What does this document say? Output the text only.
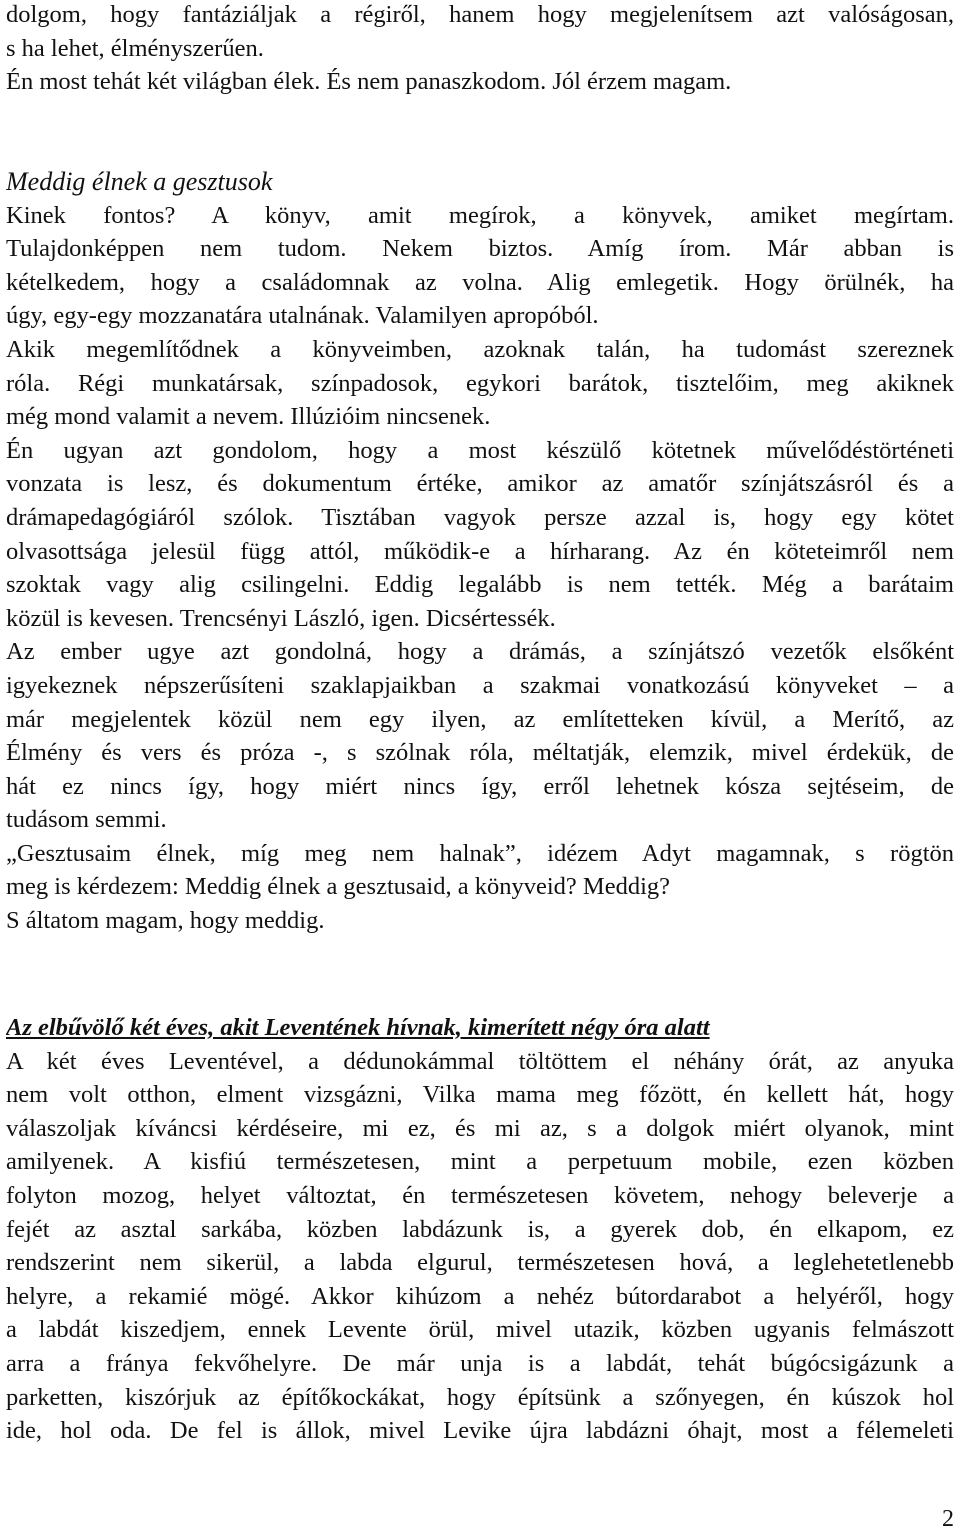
dolgom, hogy fantáziáljak a régiről, hanem hogy megjelenítsem azt valóságosan,
s ha lehet, élményszerűen.
Én most tehát két világban élek. És nem panaszkodom. Jól érzem magam.
Meddig élnek a gesztusok
Kinek fontos? A könyv, amit megírok, a könyvek, amiket megírtam.
Tulajdonképpen nem tudom. Nekem biztos. Amíg írom. Már abban is
kételkedem, hogy a családomnak az volna. Alig emlegetik. Hogy örülnék, ha
úgy, egy-egy mozzanatára utalnának. Valamilyen apropóból.
Akik megemlítődnek a könyveimben, azoknak talán, ha tudomást szereznek
róla. Régi munkatársak, színpadosok, egykori barátok, tisztelőim, meg akiknek
még mond valamit a nevem. Illúzióim nincsenek.
Én ugyan azt gondolom, hogy a most készülő kötetnek művelődéstörténeti
vonzata is lesz, és dokumentum értéke, amikor az amatőr színjátszásról és a
drámapedagógiáról szólok. Tisztában vagyok persze azzal is, hogy egy kötet
olvasottsága jelesül függ attól, működik-e a hírharang. Az én köteteimről nem
szoktak vagy alig csilingelni. Eddig legalább is nem tették. Még a barátaim
közül is kevesen. Trencsényi László, igen. Dicsértessék.
Az ember ugye azt gondolná, hogy a drámás, a színjátszó vezetők elsőként
igyekeznek népszerűsíteni szaklapjaikban a szakmai vonatkozású könyveket – a
már megjelentek közül nem egy ilyen, az említetteken kívül, a Merítő, az
Élmény és vers és próza -, s szólnak róla, méltatják, elemzik, mivel érdekük, de
hát ez nincs így, hogy miért nincs így, erről lehetnek kósza sejtéseim, de
tudásom semmi.
„Gesztusaim élnek, míg meg nem halnak”, idézem Adyt magamnak, s rögtön
meg is kérdezem: Meddig élnek a gesztusaid, a könyveid? Meddig?
S áltatom magam, hogy meddig.
Az elbűvölő két éves, akit Leventének hívnak, kimerített négy óra alatt
A két éves Leventével, a dédunokámmal töltöttem el néhány órát, az anyuka
nem volt otthon, elment vizsgázni, Vilka mama meg főzött, én kellett hát, hogy
válaszoljak kíváncsi kérdéseire, mi ez, és mi az, s a dolgok miért olyanok, mint
amilyenek. A kisfiú természetesen, mint a perpetuum mobile, ezen közben
folyton mozog, helyet változtat, én természetesen követem, nehogy beleverje a
fejét az asztal sarkába, közben labdázunk is, a gyerek dob, én elkapom, ez
rendszerint nem sikerül, a labda elgurul, természetesen hová, a leglehetetlenebb
helyre, a rekamié mögé. Akkor kihúzom a nehéz bútordarabot a helyéről, hogy
a labdát kiszedjem, ennek Levente örül, mivel utazik, közben ugyanis felmászott
arra a fránya fekvőhelyre. De már unja is a labdát, tehát búgócsigázunk a
parketten, kiszórjuk az építőkockákat, hogy építsünk a szőnyegen, én kúszok hol
ide, hol oda. De fel is állok, mivel Levike újra labdázni óhajt, most a félemeleti
2
